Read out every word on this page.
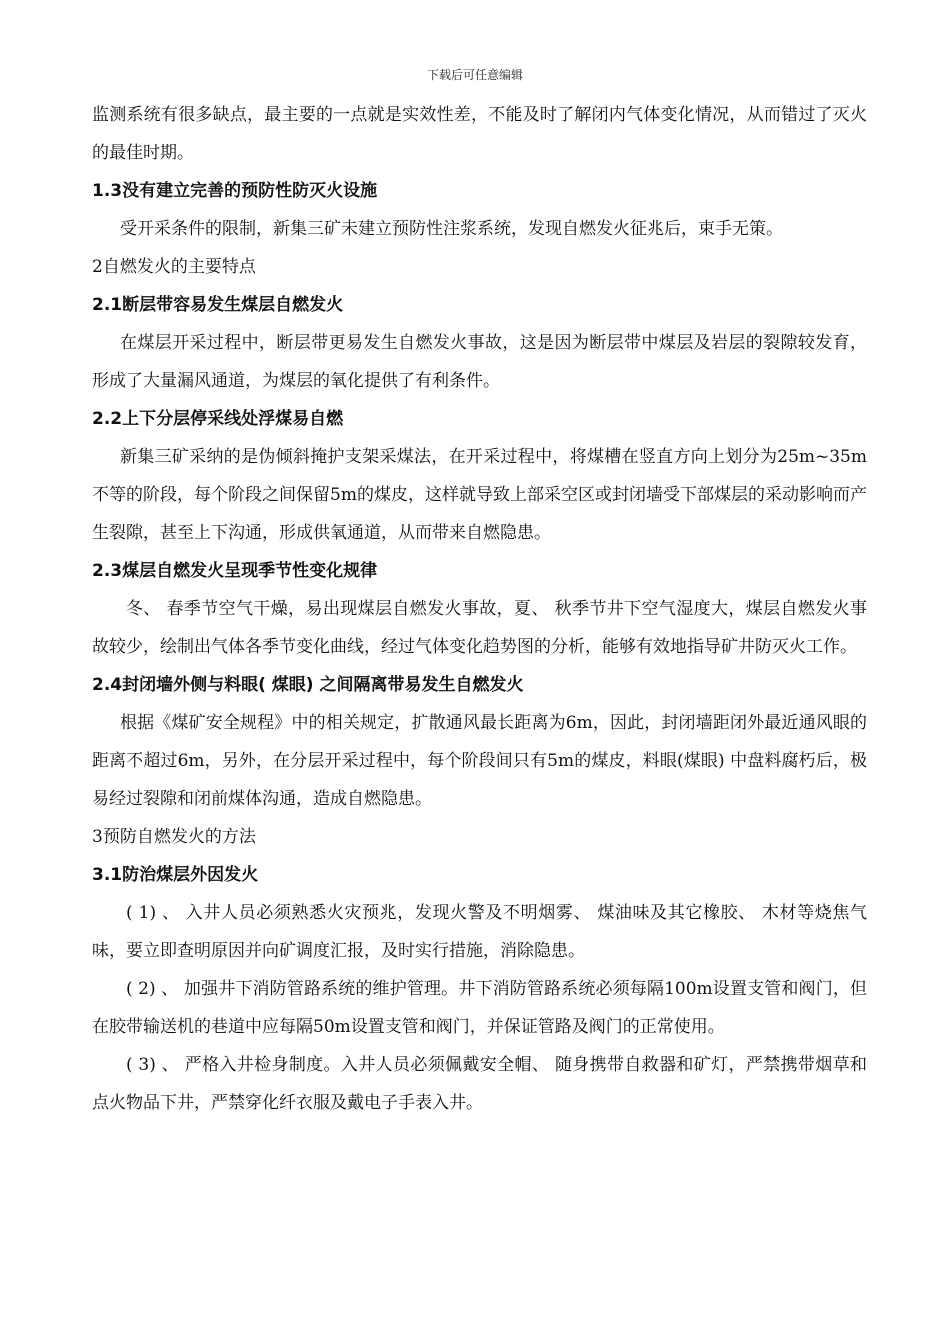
下载后可任意编辑

监测系统有很多缺点，最主要的一点就是实效性差，不能及时了解闭内气体变化情况，从而错过了灭火的最佳时期。

1.3没有建立完善的预防性防灭火设施

受开采条件的限制，新集三矿未建立预防性注浆系统，发现自燃发火征兆后，束手无策。

2自燃发火的主要特点

2.1断层带容易发生煤层自燃发火

在煤层开采过程中，断层带更易发生自燃发火事故，这是因为断层带中煤层及岩层的裂隙较发育，形成了大量漏风通道，为煤层的氧化提供了有利条件。

2.2上下分层停采线处浮煤易自燃

新集三矿采纳的是伪倾斜掩护支架采煤法，在开采过程中，将煤槽在竖直方向上划分为25m~35m不等的阶段，每个阶段之间保留5m的煤皮，这样就导致上部采空区或封闭墙受下部煤层的采动影响而产生裂隙，甚至上下沟通，形成供氧通道，从而带来自燃隐患。

2.3煤层自燃发火呈现季节性变化规律

冬、 春季节空气干燥，易出现煤层自燃发火事故，夏、 秋季节井下空气湿度大，煤层自燃发火事故较少，绘制出气体各季节变化曲线，经过气体变化趋势图的分析，能够有效地指导矿井防灭火工作。

2.4封闭墙外侧与料眼( 煤眼) 之间隔离带易发生自燃发火

根据《煤矿安全规程》中的相关规定，扩散通风最长距离为6m，因此，封闭墙距闭外最近通风眼的距离不超过6m，另外，在分层开采过程中，每个阶段间只有5m的煤皮，料眼(煤眼) 中盘料腐朽后，极易经过裂隙和闭前煤体沟通，造成自燃隐患。

3预防自燃发火的方法

3.1防治煤层外因发火

( 1) 、 入井人员必须熟悉火灾预兆，发现火警及不明烟雾、 煤油味及其它橡胶、 木材等烧焦气味，要立即查明原因并向矿调度汇报，及时实行措施，消除隐患。

( 2) 、 加强井下消防管路系统的维护管理。井下消防管路系统必须每隔100m设置支管和阀门，但在胶带输送机的巷道中应每隔50m设置支管和阀门，并保证管路及阀门的正常使用。

( 3) 、 严格入井检身制度。入井人员必须佩戴安全帽、 随身携带自救器和矿灯，严禁携带烟草和点火物品下井，严禁穿化纤衣服及戴电子手表入井。
